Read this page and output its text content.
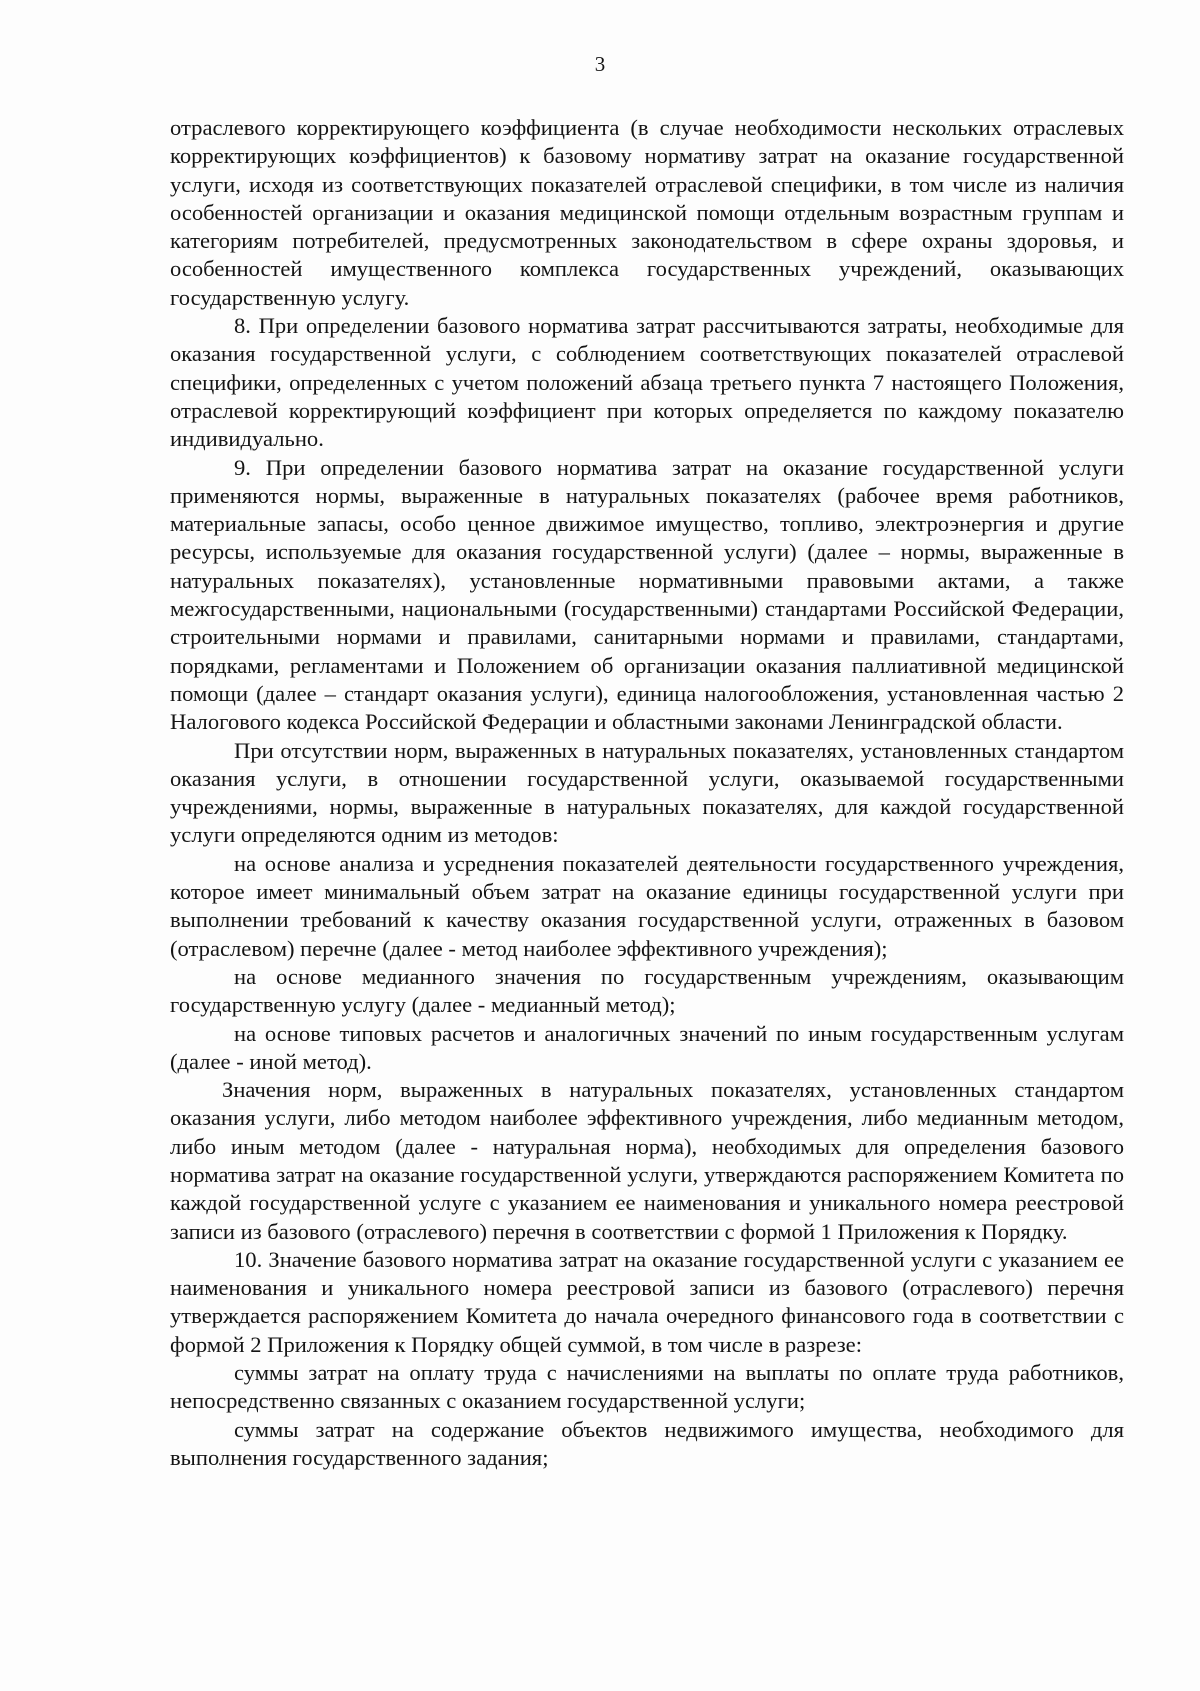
3

отраслевого корректирующего коэффициента (в случае необходимости нескольких отраслевых корректирующих коэффициентов) к базовому нормативу затрат на оказание государственной услуги, исходя из соответствующих показателей отраслевой специфики, в том числе из наличия особенностей организации и оказания медицинской помощи отдельным возрастным группам и категориям потребителей, предусмотренных законодательством в сфере охраны здоровья, и особенностей имущественного комплекса государственных учреждений, оказывающих государственную услугу.

8. При определении базового норматива затрат рассчитываются затраты, необходимые для оказания государственной услуги, с соблюдением соответствующих показателей отраслевой специфики, определенных с учетом положений абзаца третьего пункта 7 настоящего Положения, отраслевой корректирующий коэффициент при которых определяется по каждому показателю индивидуально.

9. При определении базового норматива затрат на оказание государственной услуги применяются нормы, выраженные в натуральных показателях (рабочее время работников, материальные запасы, особо ценное движимое имущество, топливо, электроэнергия и другие ресурсы, используемые для оказания государственной услуги) (далее – нормы, выраженные в натуральных показателях), установленные нормативными правовыми актами, а также межгосударственными, национальными (государственными) стандартами Российской Федерации, строительными нормами и правилами, санитарными нормами и правилами, стандартами, порядками, регламентами и Положением об организации оказания паллиативной медицинской помощи (далее – стандарт оказания услуги), единица налогообложения, установленная частью 2 Налогового кодекса Российской Федерации и областными законами Ленинградской области.

При отсутствии норм, выраженных в натуральных показателях, установленных стандартом оказания услуги, в отношении государственной услуги, оказываемой государственными учреждениями, нормы, выраженные в натуральных показателях, для каждой государственной услуги определяются одним из методов:

на основе анализа и усреднения показателей деятельности государственного учреждения, которое имеет минимальный объем затрат на оказание единицы государственной услуги при выполнении требований к качеству оказания государственной услуги, отраженных в базовом (отраслевом) перечне (далее - метод наиболее эффективного учреждения);

на основе медианного значения по государственным учреждениям, оказывающим государственную услугу (далее - медианный метод);

на основе типовых расчетов и аналогичных значений по иным государственным услугам (далее - иной метод).

Значения норм, выраженных в натуральных показателях, установленных стандартом оказания услуги, либо методом наиболее эффективного учреждения, либо медианным методом, либо иным методом (далее - натуральная норма), необходимых для определения базового норматива затрат на оказание государственной услуги, утверждаются распоряжением Комитета по каждой государственной услуге с указанием ее наименования и уникального номера реестровой записи из базового (отраслевого) перечня в соответствии с формой 1 Приложения к Порядку.

10. Значение базового норматива затрат на оказание государственной услуги с указанием ее наименования и уникального номера реестровой записи из базового (отраслевого) перечня утверждается распоряжением Комитета до начала очередного финансового года в соответствии с формой 2 Приложения к Порядку общей суммой, в том числе в разрезе:

суммы затрат на оплату труда с начислениями на выплаты по оплате труда работников, непосредственно связанных с оказанием государственной услуги;

суммы затрат на содержание объектов недвижимого имущества, необходимого для выполнения государственного задания;
